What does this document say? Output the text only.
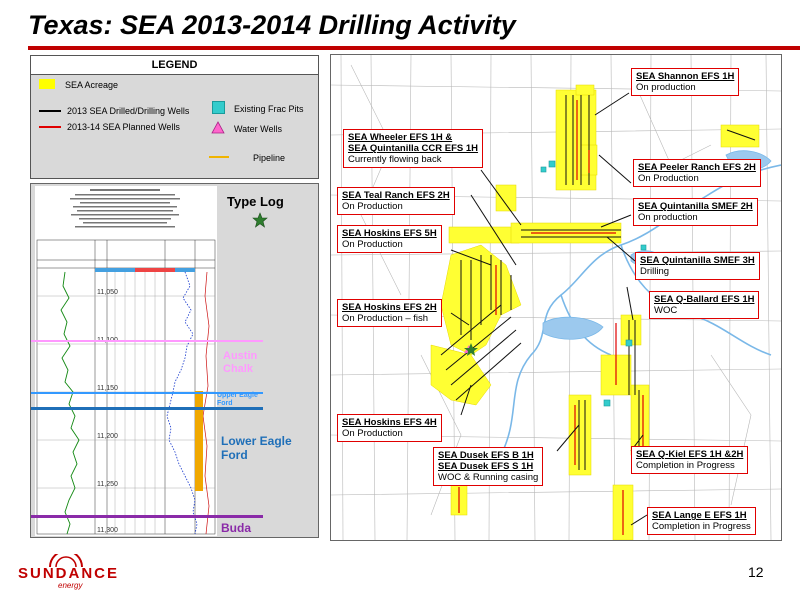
Texas: SEA 2013-2014 Drilling Activity
LEGEND
SEA Acreage
2013 SEA Drilled/Drilling Wells
2013-14 SEA Planned Wells
Existing Frac Pits
Water Wells
Pipeline
11,050
11,150
11,200
11,250
11,300
Type Log
Austin Chalk
Upper Eagle Ford
Lower Eagle Ford
Buda
SEA Shannon EFS 1H
On production
SEA Wheeler EFS 1H &
SEA Quintanilla CCR EFS 1H
Currently flowing back
SEA Peeler Ranch EFS 2H
On Production
SEA Teal Ranch EFS 2H
On Production	SEA Quintanilla SMEF 2H
On production
SEA Hoskins EFS 5H
On Production
SEA Quintanilla SMEF 3H
Drilling
SEA Q-Ballard EFS 1H
WOC
SEA Hoskins EFS 2H
On Production – fish
SEA Hoskins EFS 4H
On Production
SEA Dusek EFS B 1H
SEA Dusek EFS S 1H
WOC & Running casing
SEA Q-Kiel EFS 1H &2H
Completion in Progress
SEA Lange E EFS 1H
Completion in Progress
SUNDANCE
energy
12
